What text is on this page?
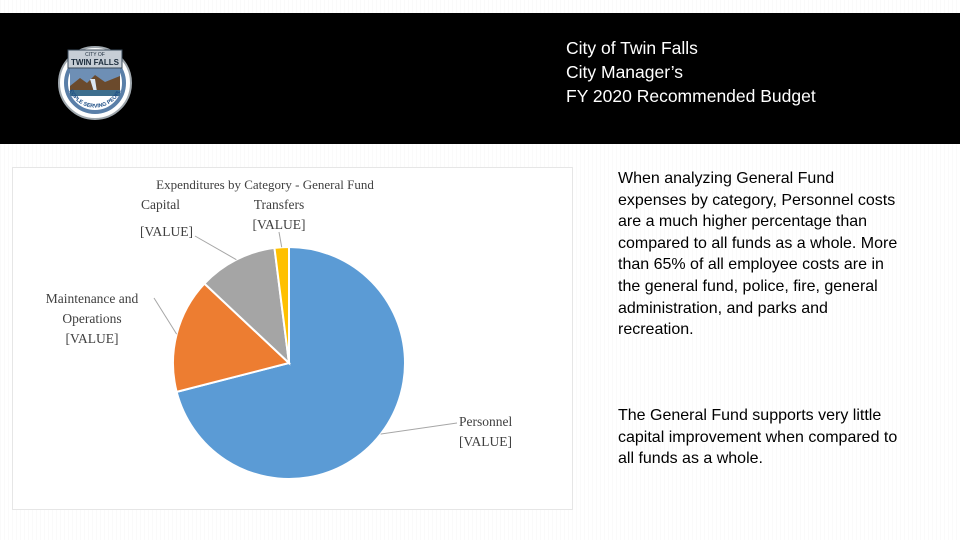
CITY OF
TWIN FALLS
EOPLE SERVING PEOPL
City of Twin Falls
City Manager’s
FY 2020 Recommended Budget
Expenditures by Category - General Fund
Capital
[VALUE]
Transfers
[VALUE]
Maintenance and
Operations
[VALUE]
Personnel
[VALUE]
When analyzing General Fund expenses by category, Personnel costs are a much higher percentage than compared to all funds as a whole. More than 65% of all employee costs are in the general fund, police, fire, general administration, and parks and recreation.
The General Fund supports very little capital improvement when compared to all funds as a whole.
